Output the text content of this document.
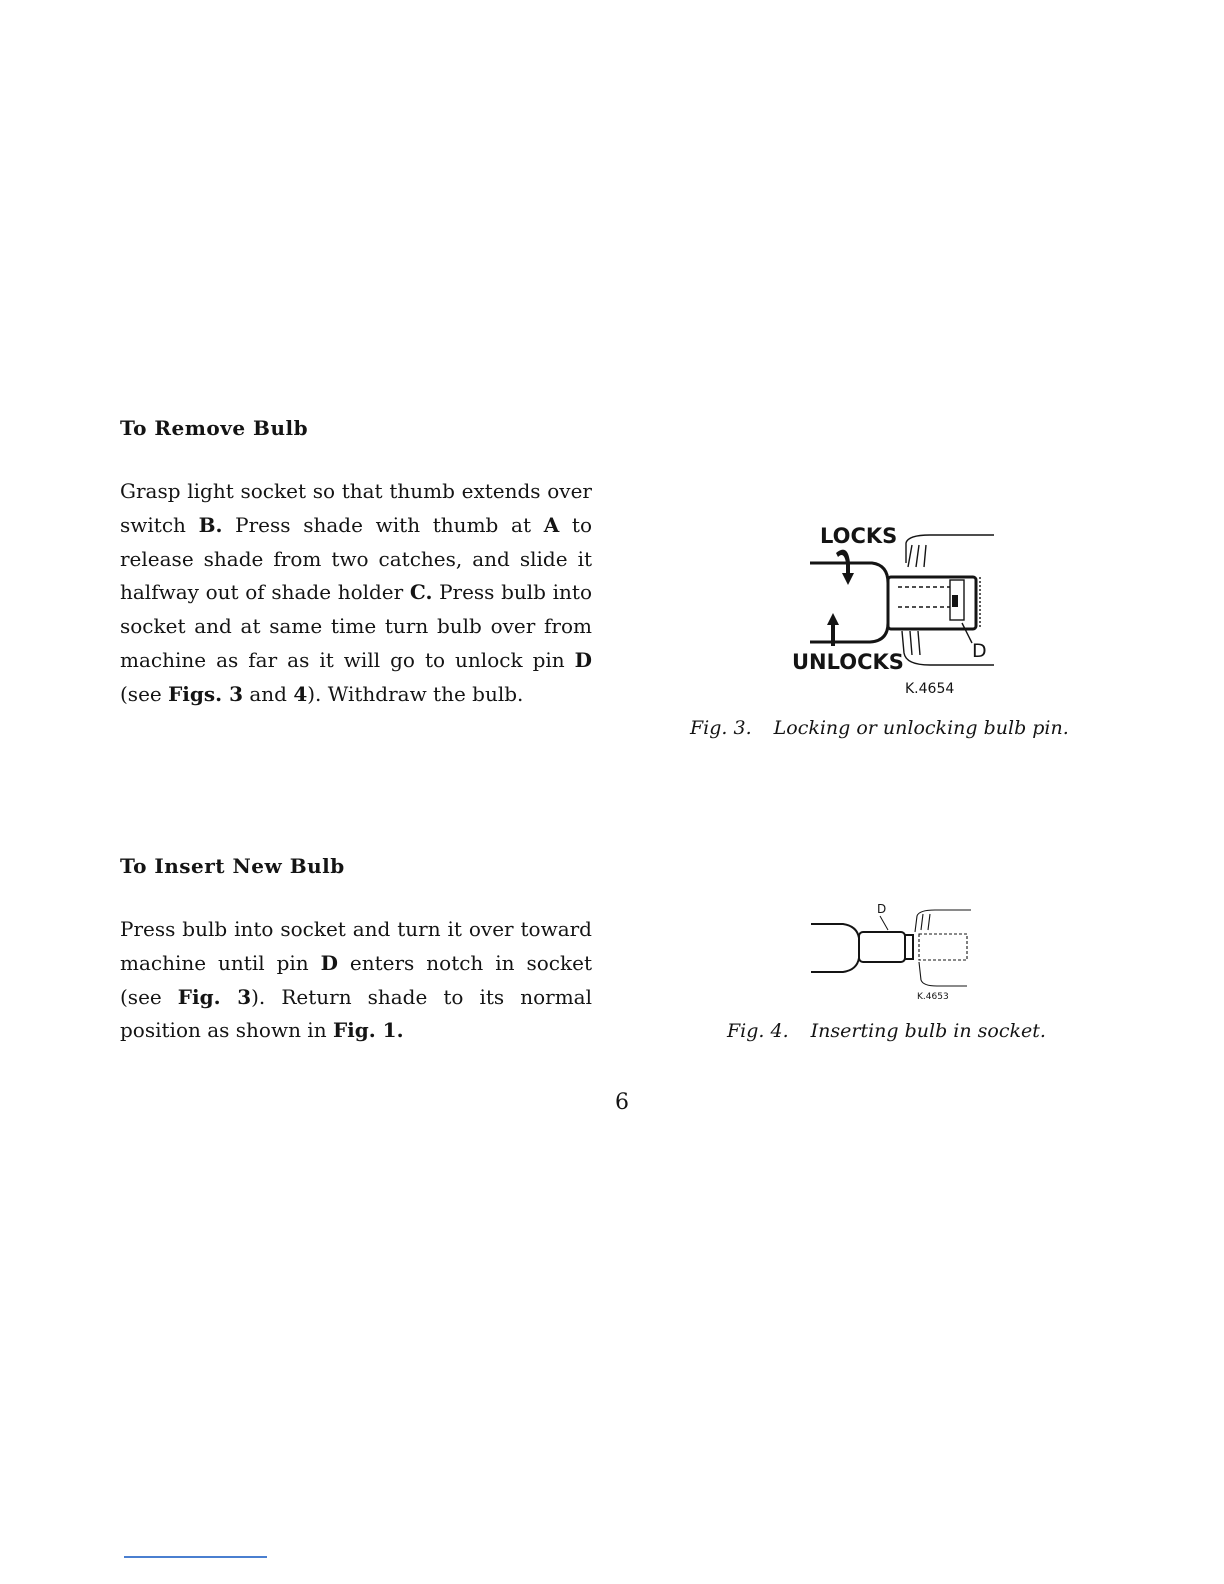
To Remove Bulb

Grasp light socket so that thumb extends over switch B. Press shade with thumb at A to release shade from two catches, and slide it halfway out of shade holder C. Press bulb into socket and at same time turn bulb over from machine as far as it will go to unlock pin D (see Figs. 3 and 4). Withdraw the bulb.

LOCKS
UNLOCKS	D
K.4654

Fig. 3. Locking or unlocking bulb pin.

To Insert New Bulb

Press bulb into socket and turn it over toward machine until pin D enters notch in socket (see Fig. 3). Return shade to its normal position as shown in Fig. 1.

D
K.4653

Fig. 4. Inserting bulb in socket.

6
